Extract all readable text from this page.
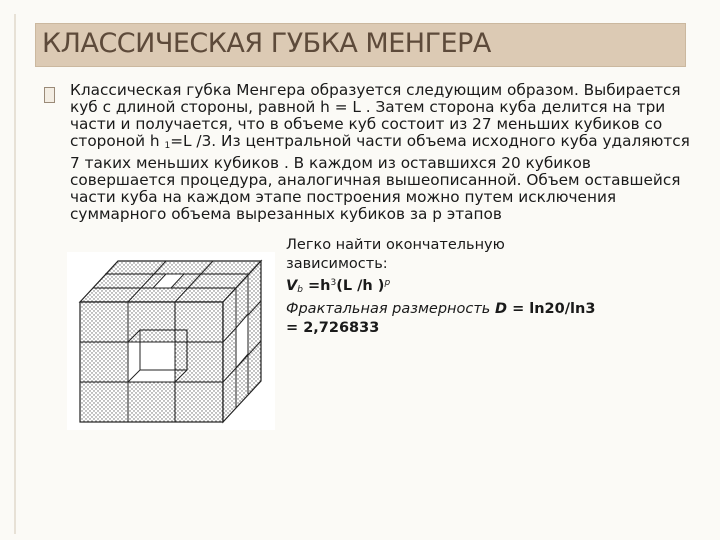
КЛАССИЧЕСКАЯ ГУБКА МЕНГЕРА

Классическая губка Менгера образуется следующим образом. Выбирается куб с длиной стороны, равной h = L . Затем сторона куба делится на три части и получается, что в объеме куб состоит из 27 меньших кубиков со стороной h $_1$=L /3. Из центральной части объема исходного куба удаляются 7 таких меньших кубиков . В каждом из оставшихся 20 кубиков совершается процедура, аналогичная вышеописанной. Объем оставшейся части куба на каждом этапе построения можно путем исключения суммарного объема вырезанных кубиков за p этапов

Легко найти окончательную
зависимость:
$V_b =h^3(L$ /h )$^p$
Фрактальная размерность D = ln20/ln3
= 2,726833
